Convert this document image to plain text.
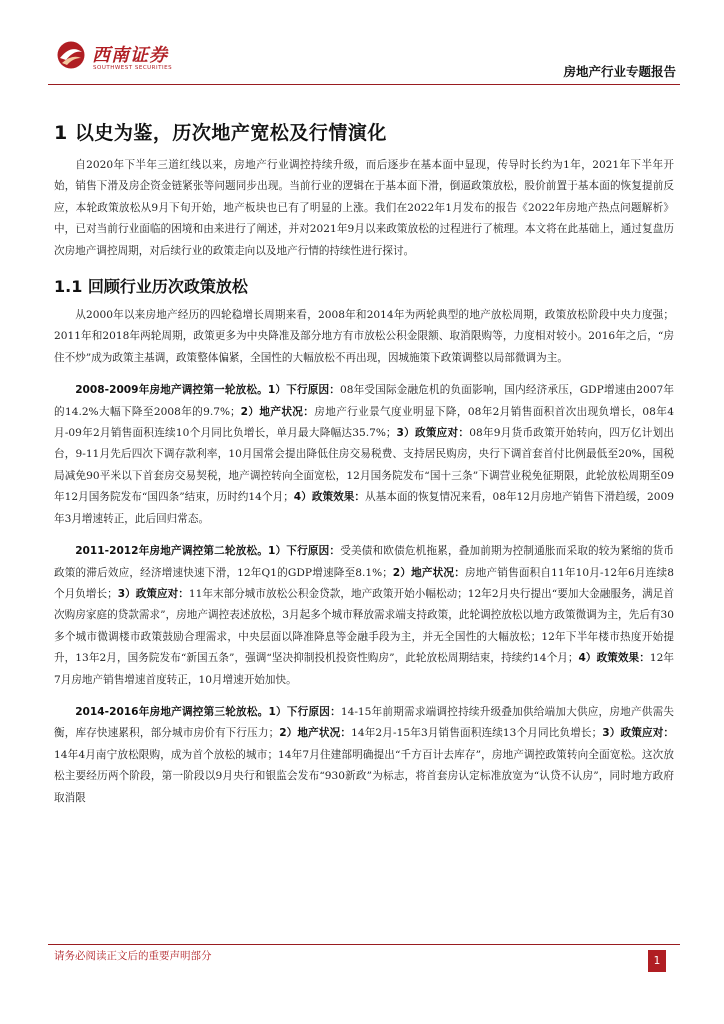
西南证券
SOUTHWEST SECURITIES	房地产行业专题报告
1 以史为鉴，历次地产宽松及行情演化

自2020年下半年三道红线以来，房地产行业调控持续升级，而后逐步在基本面中显现，传导时长约为1年，2021年下半年开始，销售下滑及房企资金链紧张等问题同步出现。当前行业的逻辑在于基本面下滑，倒逼政策放松，股价前置于基本面的恢复提前反应，本轮政策放松从9月下旬开始，地产板块也已有了明显的上涨。我们在2022年1月发布的报告《2022年房地产热点问题解析》中，已对当前行业面临的困境和由来进行了阐述，并对2021年9月以来政策放松的过程进行了梳理。本文将在此基础上，通过复盘历次房地产调控周期，对后续行业的政策走向以及地产行情的持续性进行探讨。

1.1 回顾行业历次政策放松

从2000年以来房地产经历的四轮稳增长周期来看，2008年和2014年为两轮典型的地产放松周期，政策放松阶段中央力度强；2011年和2018年两轮周期，政策更多为中央降准及部分地方有市放松公积金限额、取消限购等，力度相对较小。2016年之后，“房住不炒”成为政策主基调，政策整体偏紧，全国性的大幅放松不再出现，因城施策下政策调整以局部微调为主。

2008-2009年房地产调控第一轮放松。1）下行原因：08年受国际金融危机的负面影响，国内经济承压，GDP增速由2007年的14.2%大幅下降至2008年的9.7%；2）地产状况：房地产行业景气度业明显下降，08年2月销售面积首次出现负增长，08年4月-09年2月销售面积连续10个月同比负增长，单月最大降幅达35.7%；3）政策应对：08年9月货币政策开始转向，四万亿计划出台，9-11月先后四次下调存款利率，10月国常会提出降低住房交易税费、支持居民购房，央行下调首套首付比例最低至20%，国税局减免90平米以下首套房交易契税，地产调控转向全面宽松，12月国务院发布“国十三条”下调营业税免征期限，此轮放松周期至09年12月国务院发布“国四条”结束，历时约14个月；4）政策效果：从基本面的恢复情况来看，08年12月房地产销售下滑趋缓，2009年3月增速转正，此后回归常态。

2011-2012年房地产调控第二轮放松。1）下行原因：受美债和欧债危机拖累，叠加前期为控制通胀而采取的较为紧缩的货币政策的滞后效应，经济增速快速下滑，12年Q1的GDP增速降至8.1%；2）地产状况：房地产销售面积自11年10月-12年6月连续8个月负增长；3）政策应对：11年末部分城市放松公积金贷款，地产政策开始小幅松动；12年2月央行提出“要加大金融服务，满足首次购房家庭的贷款需求”，房地产调控表述放松，3月起多个城市释放需求端支持政策，此轮调控放松以地方政策微调为主，先后有30多个城市微调楼市政策鼓励合理需求，中央层面以降准降息等金融手段为主，并无全国性的大幅放松；12年下半年楼市热度开始提升，13年2月，国务院发布“新国五条”，强调“坚决抑制投机投资性购房”，此轮放松周期结束，持续约14个月；4）政策效果：12年7月房地产销售增速首度转正，10月增速开始加快。

2014-2016年房地产调控第三轮放松。1）下行原因：14-15年前期需求端调控持续升级叠加供给端加大供应，房地产供需失衡，库存快速累积，部分城市房价有下行压力；2）地产状况：14年2月-15年3月销售面积连续13个月同比负增长；3）政策应对：14年4月南宁放松限购，成为首个放松的城市；14年7月住建部明确提出“千方百计去库存”，房地产调控政策转向全面宽松。这次放松主要经历两个阶段，第一阶段以9月央行和银监会发布“930新政”为标志，将首套房认定标准放宽为“认贷不认房”，同时地方政府取消限

请务必阅读正文后的重要声明部分	1
